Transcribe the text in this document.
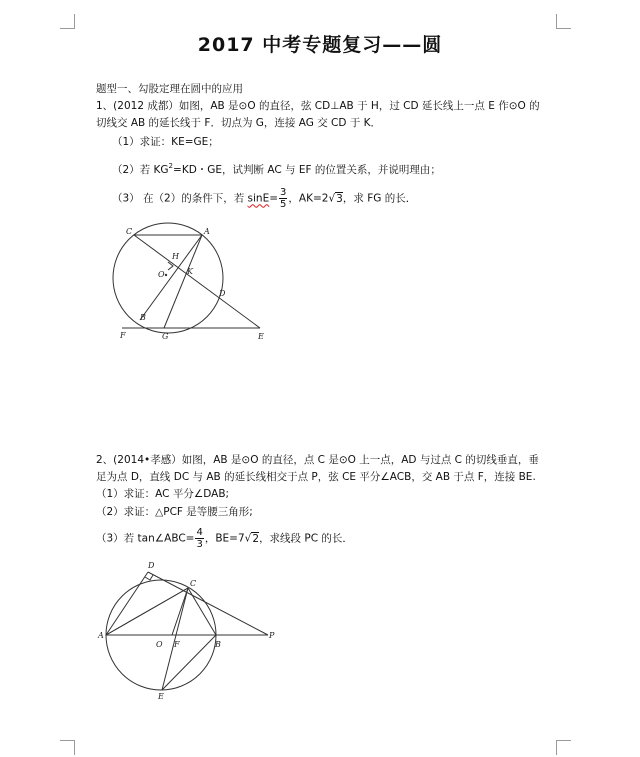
2017 中考专题复习——圆
题型一、勾股定理在圆中的应用
1、(2012 成都）如图，AB 是⊙O 的直径，弦 CD⊥AB 于 H，过 CD 延长线上一点 E 作⊙O 的
切线交 AB 的延长线于 F．切点为 G，连接 AG 交 CD 于 K．
（1）求证：KE=GE；
（2）若 $KG^2=KD$・GE，试判断 AC 与 EF 的位置关系，并说明理由；
（3） 在（2）的条件下，若 $\sin E= \frac{3}{5}$ ，AK=2√3，求 FG 的长．
C	A
H
O	K
D
B
F	G	E
2、(2014•孝感）如图，AB 是⊙O 的直径，点 C 是⊙O 上一点，AD 与过点 C 的切线垂直，垂
足为点 D，直线 DC 与 AB 的延长线相交于点 P，弦 CE 平分∠ACB，交 AB 于点 F，连接 BE.
（1）求证：AC 平分∠DAB;
（2）求证：△PCF 是等腰三角形;
（3）若 tan∠ABC= $\frac{4}{3}$ ，BE=7√2，求线段 PC 的长．
D
C
A
O F	B
P
E
